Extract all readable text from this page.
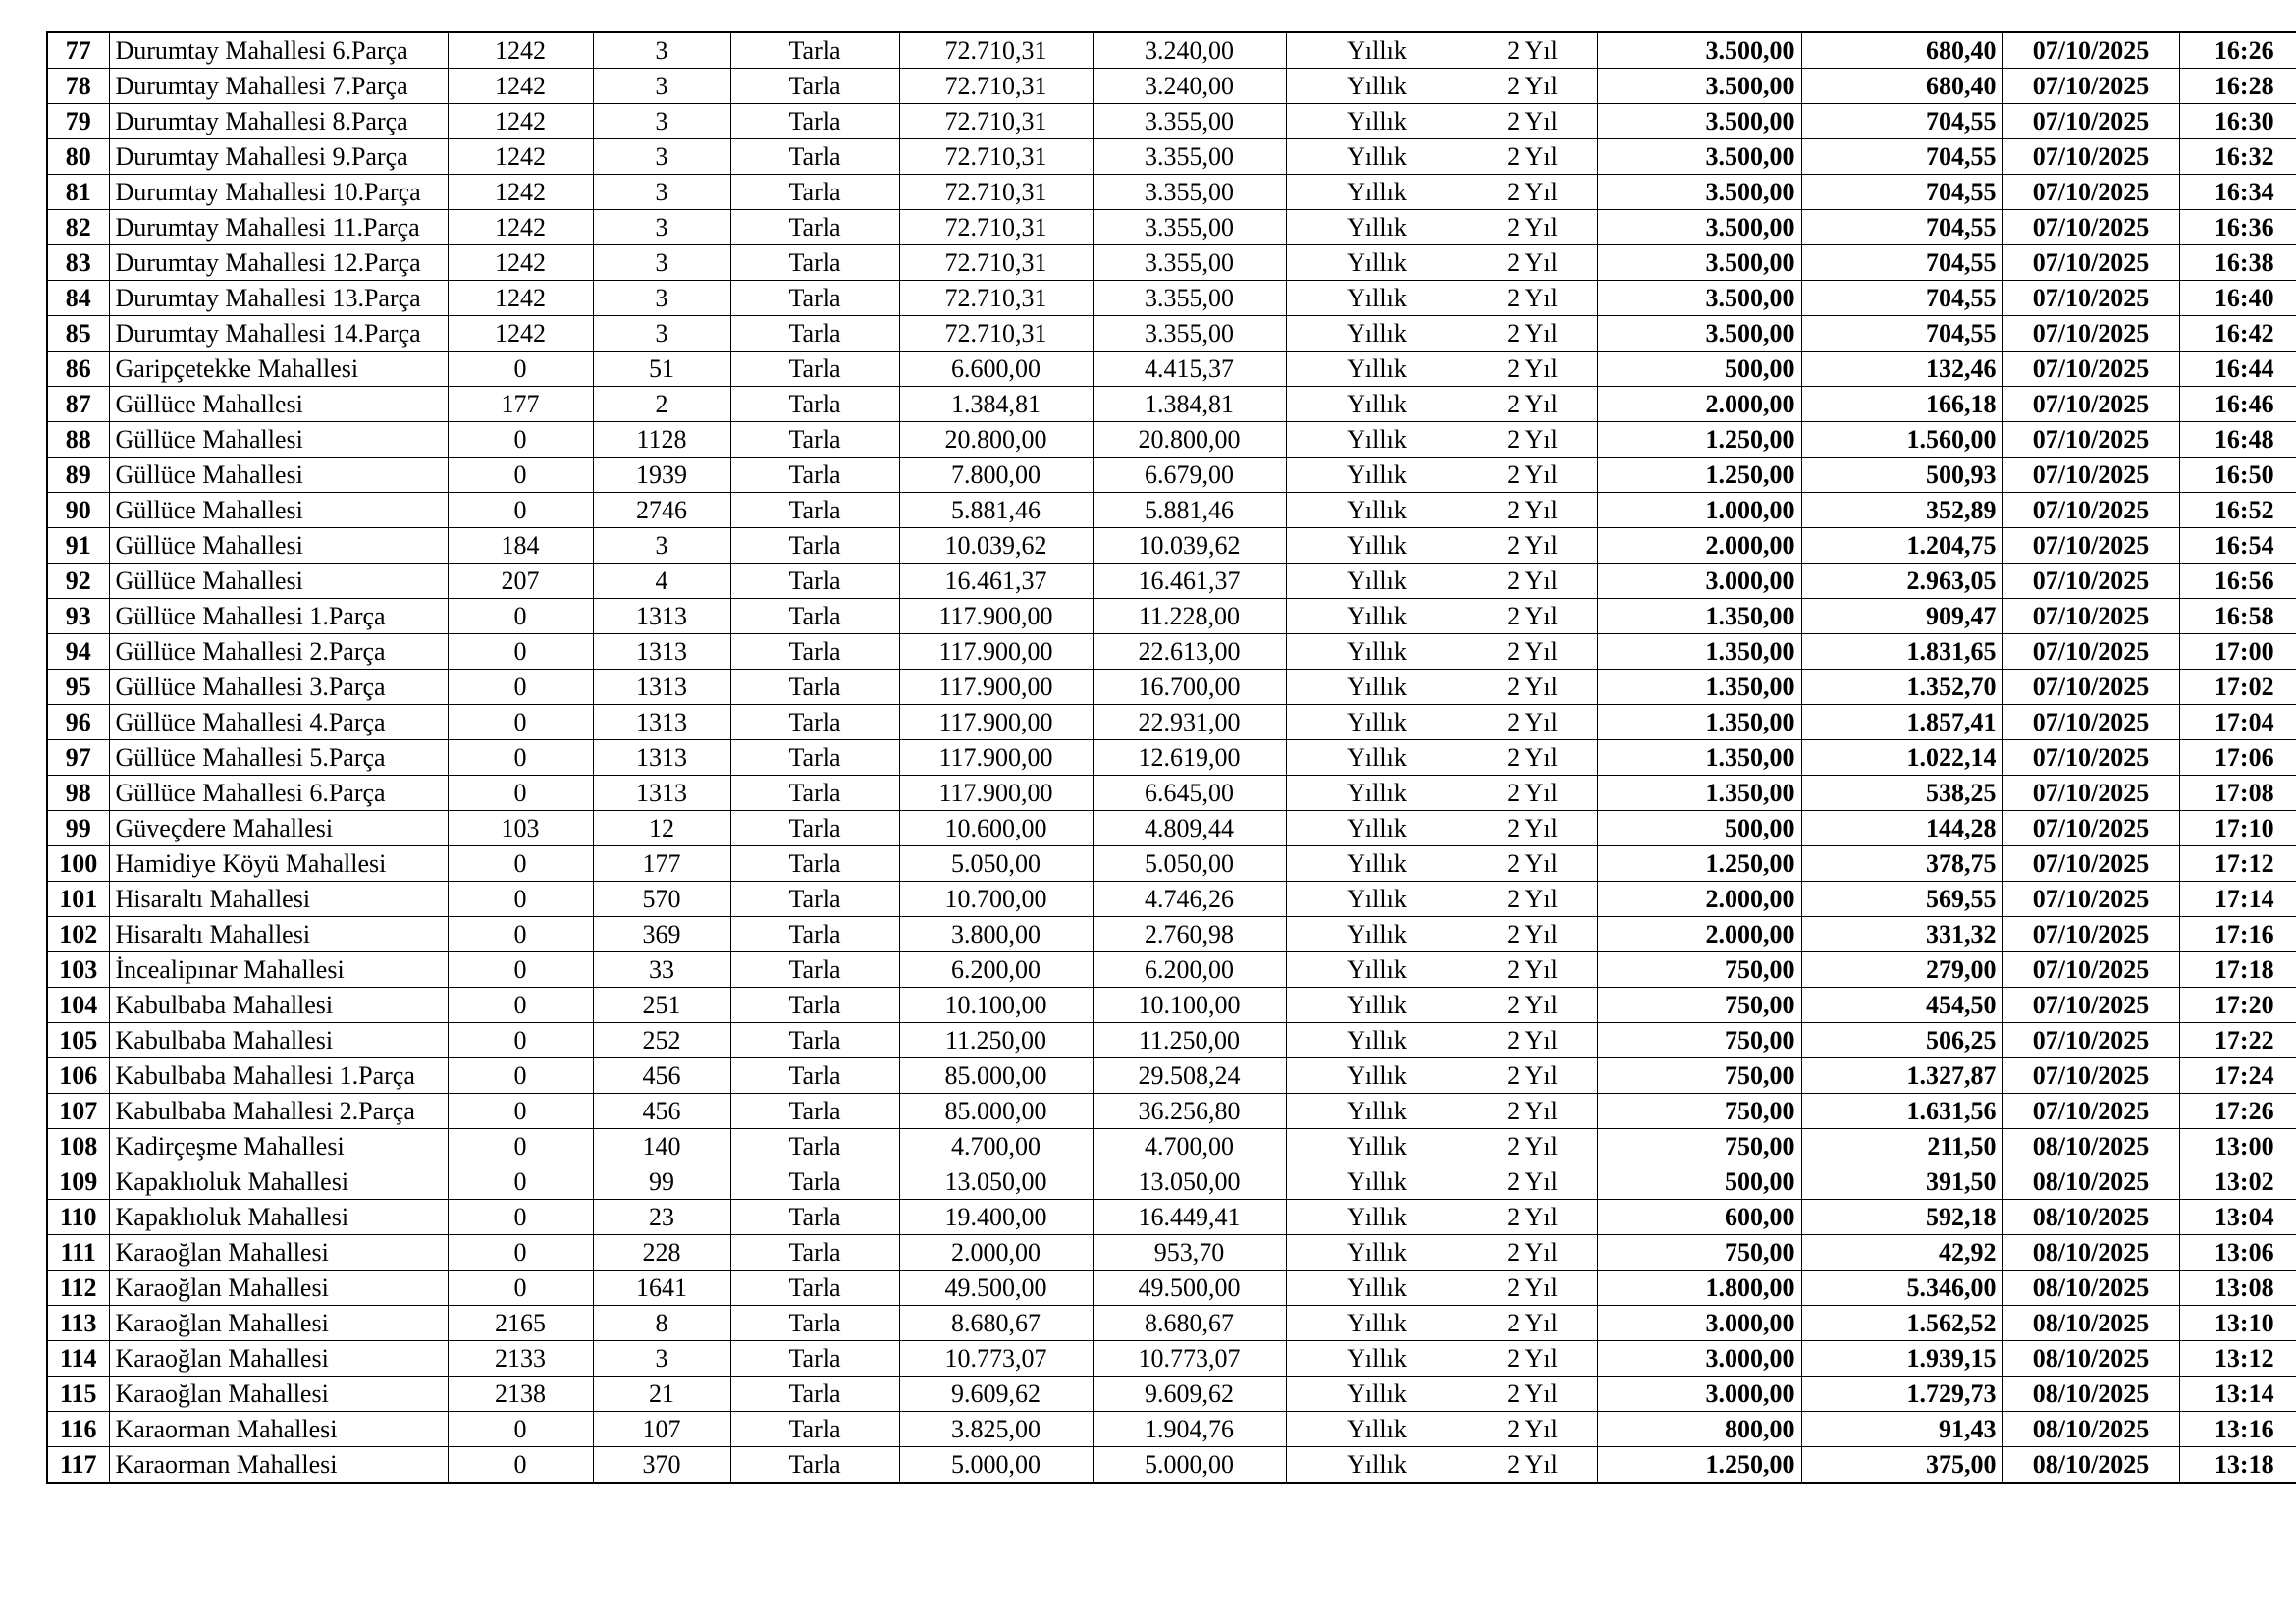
77	Durumtay Mahallesi 6.Parça	1242	3	Tarla	72.710,31	3.240,00	Yıllık	2 Yıl	3.500,00	680,40	07/10/2025	16:26
78	Durumtay Mahallesi 7.Parça	1242	3	Tarla	72.710,31	3.240,00	Yıllık	2 Yıl	3.500,00	680,40	07/10/2025	16:28
79	Durumtay Mahallesi 8.Parça	1242	3	Tarla	72.710,31	3.355,00	Yıllık	2 Yıl	3.500,00	704,55	07/10/2025	16:30
80	Durumtay Mahallesi 9.Parça	1242	3	Tarla	72.710,31	3.355,00	Yıllık	2 Yıl	3.500,00	704,55	07/10/2025	16:32
81	Durumtay Mahallesi 10.Parça	1242	3	Tarla	72.710,31	3.355,00	Yıllık	2 Yıl	3.500,00	704,55	07/10/2025	16:34
82	Durumtay Mahallesi 11.Parça	1242	3	Tarla	72.710,31	3.355,00	Yıllık	2 Yıl	3.500,00	704,55	07/10/2025	16:36
83	Durumtay Mahallesi 12.Parça	1242	3	Tarla	72.710,31	3.355,00	Yıllık	2 Yıl	3.500,00	704,55	07/10/2025	16:38
84	Durumtay Mahallesi 13.Parça	1242	3	Tarla	72.710,31	3.355,00	Yıllık	2 Yıl	3.500,00	704,55	07/10/2025	16:40
85	Durumtay Mahallesi 14.Parça	1242	3	Tarla	72.710,31	3.355,00	Yıllık	2 Yıl	3.500,00	704,55	07/10/2025	16:42
86	Garipçetekke Mahallesi	0	51	Tarla	6.600,00	4.415,37	Yıllık	2 Yıl	500,00	132,46	07/10/2025	16:44
87	Güllüce Mahallesi	177	2	Tarla	1.384,81	1.384,81	Yıllık	2 Yıl	2.000,00	166,18	07/10/2025	16:46
88	Güllüce Mahallesi	0	1128	Tarla	20.800,00	20.800,00	Yıllık	2 Yıl	1.250,00	1.560,00	07/10/2025	16:48
89	Güllüce Mahallesi	0	1939	Tarla	7.800,00	6.679,00	Yıllık	2 Yıl	1.250,00	500,93	07/10/2025	16:50
90	Güllüce Mahallesi	0	2746	Tarla	5.881,46	5.881,46	Yıllık	2 Yıl	1.000,00	352,89	07/10/2025	16:52
91	Güllüce Mahallesi	184	3	Tarla	10.039,62	10.039,62	Yıllık	2 Yıl	2.000,00	1.204,75	07/10/2025	16:54
92	Güllüce Mahallesi	207	4	Tarla	16.461,37	16.461,37	Yıllık	2 Yıl	3.000,00	2.963,05	07/10/2025	16:56
93	Güllüce Mahallesi 1.Parça	0	1313	Tarla	117.900,00	11.228,00	Yıllık	2 Yıl	1.350,00	909,47	07/10/2025	16:58
94	Güllüce Mahallesi 2.Parça	0	1313	Tarla	117.900,00	22.613,00	Yıllık	2 Yıl	1.350,00	1.831,65	07/10/2025	17:00
95	Güllüce Mahallesi 3.Parça	0	1313	Tarla	117.900,00	16.700,00	Yıllık	2 Yıl	1.350,00	1.352,70	07/10/2025	17:02
96	Güllüce Mahallesi 4.Parça	0	1313	Tarla	117.900,00	22.931,00	Yıllık	2 Yıl	1.350,00	1.857,41	07/10/2025	17:04
97	Güllüce Mahallesi 5.Parça	0	1313	Tarla	117.900,00	12.619,00	Yıllık	2 Yıl	1.350,00	1.022,14	07/10/2025	17:06
98	Güllüce Mahallesi 6.Parça	0	1313	Tarla	117.900,00	6.645,00	Yıllık	2 Yıl	1.350,00	538,25	07/10/2025	17:08
99	Güveçdere Mahallesi	103	12	Tarla	10.600,00	4.809,44	Yıllık	2 Yıl	500,00	144,28	07/10/2025	17:10
100	Hamidiye Köyü Mahallesi	0	177	Tarla	5.050,00	5.050,00	Yıllık	2 Yıl	1.250,00	378,75	07/10/2025	17:12
101	Hisaraltı Mahallesi	0	570	Tarla	10.700,00	4.746,26	Yıllık	2 Yıl	2.000,00	569,55	07/10/2025	17:14
102	Hisaraltı Mahallesi	0	369	Tarla	3.800,00	2.760,98	Yıllık	2 Yıl	2.000,00	331,32	07/10/2025	17:16
103	İncealipınar Mahallesi	0	33	Tarla	6.200,00	6.200,00	Yıllık	2 Yıl	750,00	279,00	07/10/2025	17:18
104	Kabulbaba Mahallesi	0	251	Tarla	10.100,00	10.100,00	Yıllık	2 Yıl	750,00	454,50	07/10/2025	17:20
105	Kabulbaba Mahallesi	0	252	Tarla	11.250,00	11.250,00	Yıllık	2 Yıl	750,00	506,25	07/10/2025	17:22
106	Kabulbaba Mahallesi 1.Parça	0	456	Tarla	85.000,00	29.508,24	Yıllık	2 Yıl	750,00	1.327,87	07/10/2025	17:24
107	Kabulbaba Mahallesi 2.Parça	0	456	Tarla	85.000,00	36.256,80	Yıllık	2 Yıl	750,00	1.631,56	07/10/2025	17:26
108	Kadirçeşme Mahallesi	0	140	Tarla	4.700,00	4.700,00	Yıllık	2 Yıl	750,00	211,50	08/10/2025	13:00
109	Kapaklıoluk Mahallesi	0	99	Tarla	13.050,00	13.050,00	Yıllık	2 Yıl	500,00	391,50	08/10/2025	13:02
110	Kapaklıoluk Mahallesi	0	23	Tarla	19.400,00	16.449,41	Yıllık	2 Yıl	600,00	592,18	08/10/2025	13:04
111	Karaoğlan Mahallesi	0	228	Tarla	2.000,00	953,70	Yıllık	2 Yıl	750,00	42,92	08/10/2025	13:06
112	Karaoğlan Mahallesi	0	1641	Tarla	49.500,00	49.500,00	Yıllık	2 Yıl	1.800,00	5.346,00	08/10/2025	13:08
113	Karaoğlan Mahallesi	2165	8	Tarla	8.680,67	8.680,67	Yıllık	2 Yıl	3.000,00	1.562,52	08/10/2025	13:10
114	Karaoğlan Mahallesi	2133	3	Tarla	10.773,07	10.773,07	Yıllık	2 Yıl	3.000,00	1.939,15	08/10/2025	13:12
115	Karaoğlan Mahallesi	2138	21	Tarla	9.609,62	9.609,62	Yıllık	2 Yıl	3.000,00	1.729,73	08/10/2025	13:14
116	Karaorman Mahallesi	0	107	Tarla	3.825,00	1.904,76	Yıllık	2 Yıl	800,00	91,43	08/10/2025	13:16
117	Karaorman Mahallesi	0	370	Tarla	5.000,00	5.000,00	Yıllık	2 Yıl	1.250,00	375,00	08/10/2025	13:18
